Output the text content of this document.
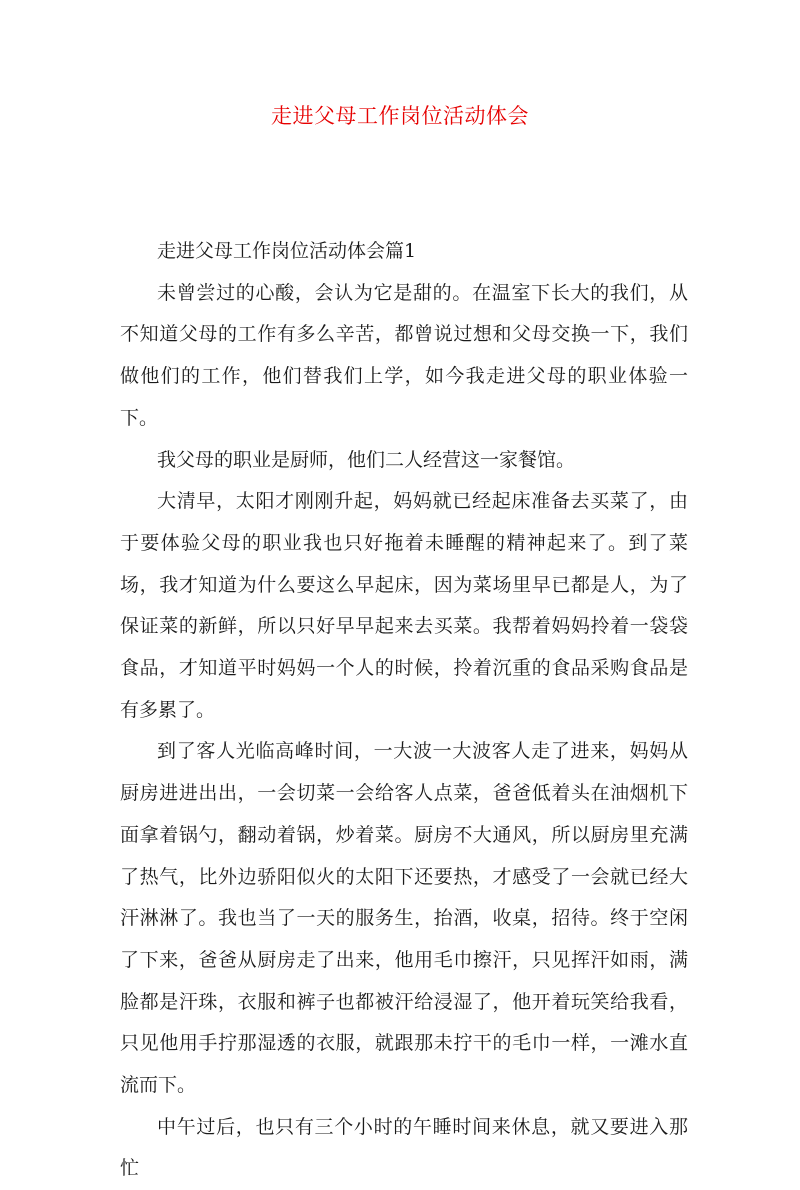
走进父母工作岗位活动体会

走进父母工作岗位活动体会篇1

未曾尝过的心酸，会认为它是甜的。在温室下长大的我们，从不知道父母的工作有多么辛苦，都曾说过想和父母交换一下，我们做他们的工作，他们替我们上学，如今我走进父母的职业体验一下。

我父母的职业是厨师，他们二人经营这一家餐馆。

大清早，太阳才刚刚升起，妈妈就已经起床准备去买菜了，由于要体验父母的职业我也只好拖着未睡醒的精神起来了。到了菜场，我才知道为什么要这么早起床，因为菜场里早已都是人，为了保证菜的新鲜，所以只好早早起来去买菜。我帮着妈妈拎着一袋袋食品，才知道平时妈妈一个人的时候，拎着沉重的食品采购食品是有多累了。

到了客人光临高峰时间，一大波一大波客人走了进来，妈妈从厨房进进出出，一会切菜一会给客人点菜，爸爸低着头在油烟机下面拿着锅勺，翻动着锅，炒着菜。厨房不大通风，所以厨房里充满了热气，比外边骄阳似火的太阳下还要热，才感受了一会就已经大汗淋淋了。我也当了一天的服务生，抬酒，收桌，招待。终于空闲了下来，爸爸从厨房走了出来，他用毛巾擦汗，只见挥汗如雨，满脸都是汗珠，衣服和裤子也都被汗给浸湿了，他开着玩笑给我看，只见他用手拧那湿透的衣服，就跟那未拧干的毛巾一样，一滩水直流而下。

中午过后，也只有三个小时的午睡时间来休息，就又要进入那忙
